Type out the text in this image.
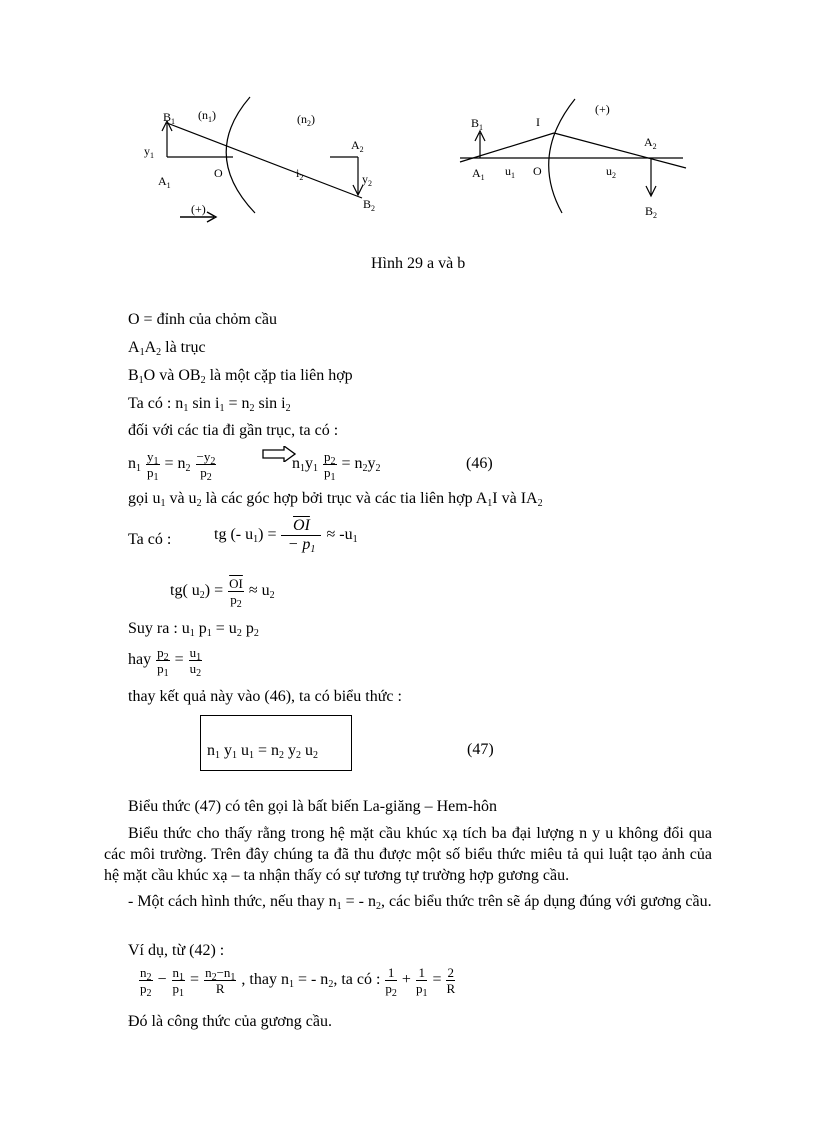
$B_1$ $(n_1)$	$(n_2)$
$y_1$
$A_1$
O
$A_2$
$i_2$	$y_2$
$B_2$
(+)
(+)
$B_1$	I
$A_2$
$A_1$ $u_1$ O	$u_2$
$B_2$
Hình 29 a và b
O = đỉnh của chỏm cầu
$A_1A_2$ là trục
$B_1O$ và $OB_2$ là một cặp tia liên hợp
Ta có : $n_1$ $\sin i_1 = n_2$ $\sin i_2$
đối với các tia đi gần trục, ta có :
$n_1 \frac{y_1}{p_1} = n_2 \frac{-y_2}{p_2}$	$n_1y_1 \frac{p_2}{p_1} = n_2y_2$	(46)
gọi $u_1$ và $u_2$ là các góc hợp bởi trục và các tia liên hợp $A_1I$ và $IA_2$
Ta có :	tg (- $u_1) = \frac{\overline{OI}}{- p_1} \approx -u_1$
tg( $u_2) = \frac{\overline{OI}}{p_2} \approx u_2$
Suy ra : $u_1$ $p_1 = u_2$ $p_2$
hay $\frac{p_2}{p_1} = \frac{u_1}{u_2}$
thay kết quả này vào (46), ta có biểu thức :
$n_1$ $y_1$ $u_1 = n_2$ $y_2$ $u_2$	(47)
Biểu thức (47) có tên gọi là bất biến La-giăng – Hem-hôn
Biểu thức cho thấy rằng trong hệ mặt cầu khúc xạ tích ba đại lượng n y u không đổi qua các môi trường. Trên đây chúng ta đã thu được một số biểu thức miêu tả qui luật tạo ảnh của hệ mặt cầu khúc xạ – ta nhận thấy có sự tương tự trường hợp gương cầu.
- Một cách hình thức, nếu thay $n_1$ = - $n_2$, các biểu thức trên sẽ áp dụng đúng với gương cầu.
Ví dụ, từ (42) :
$\frac{n_2}{p_2} - \frac{n_1}{p_1} = \frac{n_2-n_1}{R}$ , thay $n_1$ = - $n_2$, ta có : $\frac{1}{p_2} + \frac{1}{p_1} = \frac{2}{R}$
Đó là công thức của gương cầu.
